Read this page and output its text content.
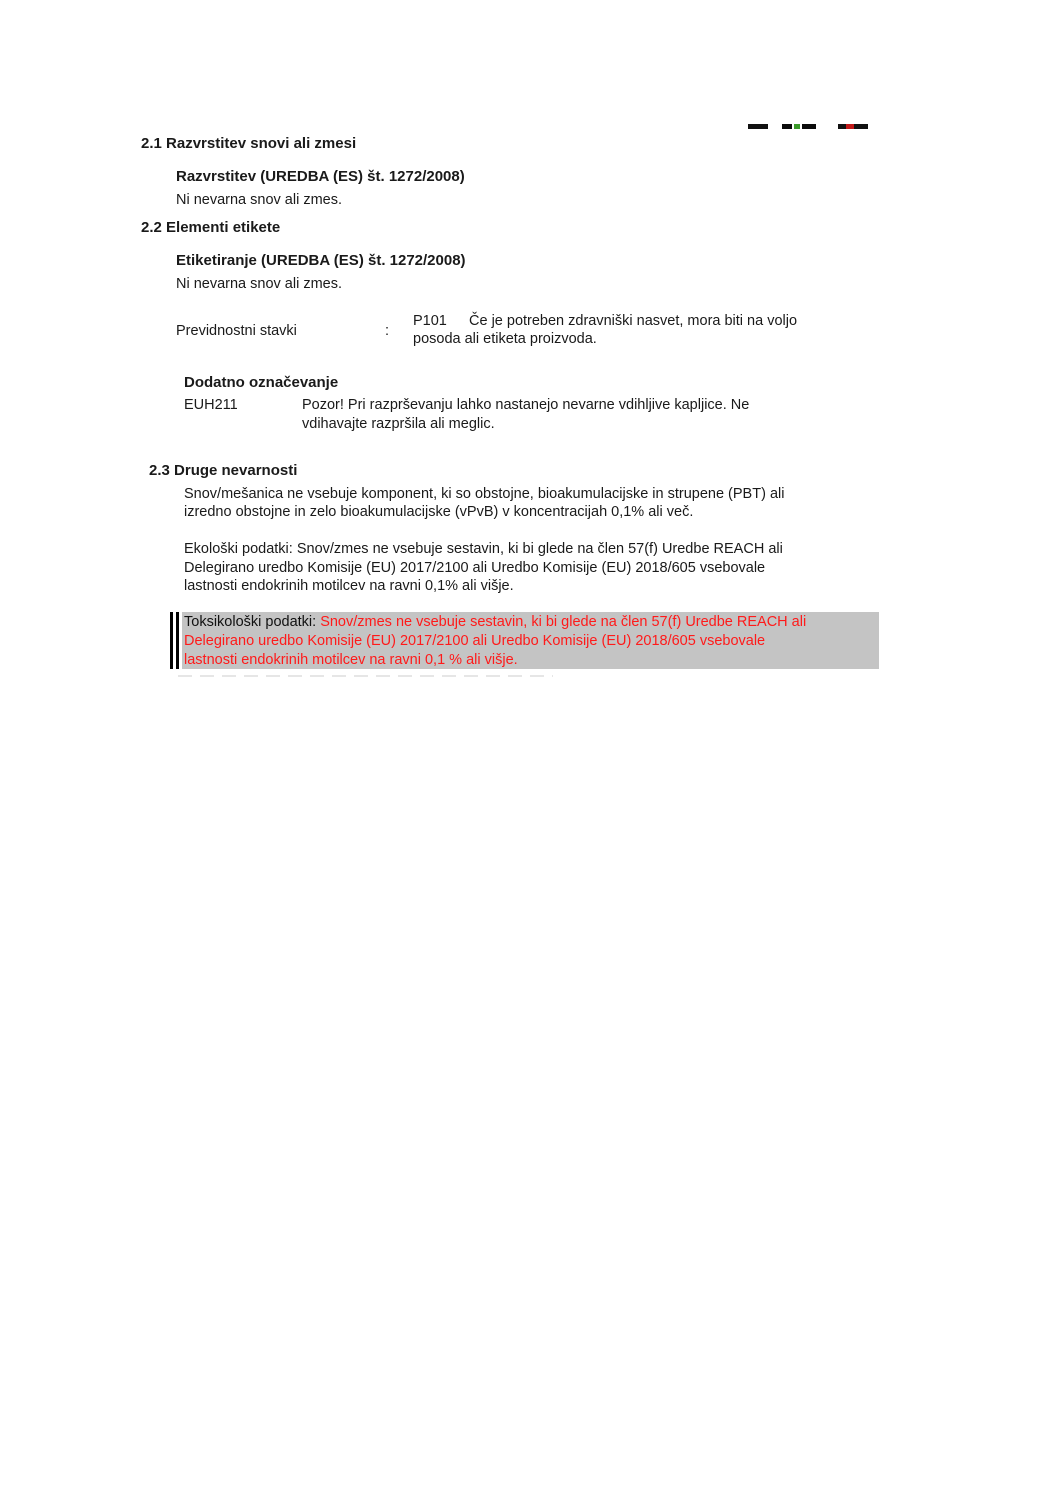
2.1 Razvrstitev snovi ali zmesi
Razvrstitev (UREDBA (ES) št. 1272/2008)
Ni nevarna snov ali zmes.
2.2 Elementi etikete
Etiketiranje (UREDBA (ES) št. 1272/2008)
Ni nevarna snov ali zmes.
Previdnostni stavki	:
P101 Če je potreben zdravniški nasvet, mora biti na voljo
posoda ali etiketa proizvoda.
Dodatno označevanje
EUH211	Pozor! Pri razprševanju lahko nastanejo nevarne vdihljive kapljice. Ne
vdihavajte razpršila ali meglic.
2.3 Druge nevarnosti
Snov/mešanica ne vsebuje komponent, ki so obstojne, bioakumulacijske in strupene (PBT) ali
izredno obstojne in zelo bioakumulacijske (vPvB) v koncentracijah 0,1% ali več.
Ekološki podatki: Snov/zmes ne vsebuje sestavin, ki bi glede na člen 57(f) Uredbe REACH ali
Delegirano uredbo Komisije (EU) 2017/2100 ali Uredbo Komisije (EU) 2018/605 vsebovale
lastnosti endokrinih motilcev na ravni 0,1% ali višje.
Toksikološki podatki: Snov/zmes ne vsebuje sestavin, ki bi glede na člen 57(f) Uredbe REACH ali
Delegirano uredbo Komisije (EU) 2017/2100 ali Uredbo Komisije (EU) 2018/605 vsebovale
lastnosti endokrinih motilcev na ravni 0,1 % ali višje.
